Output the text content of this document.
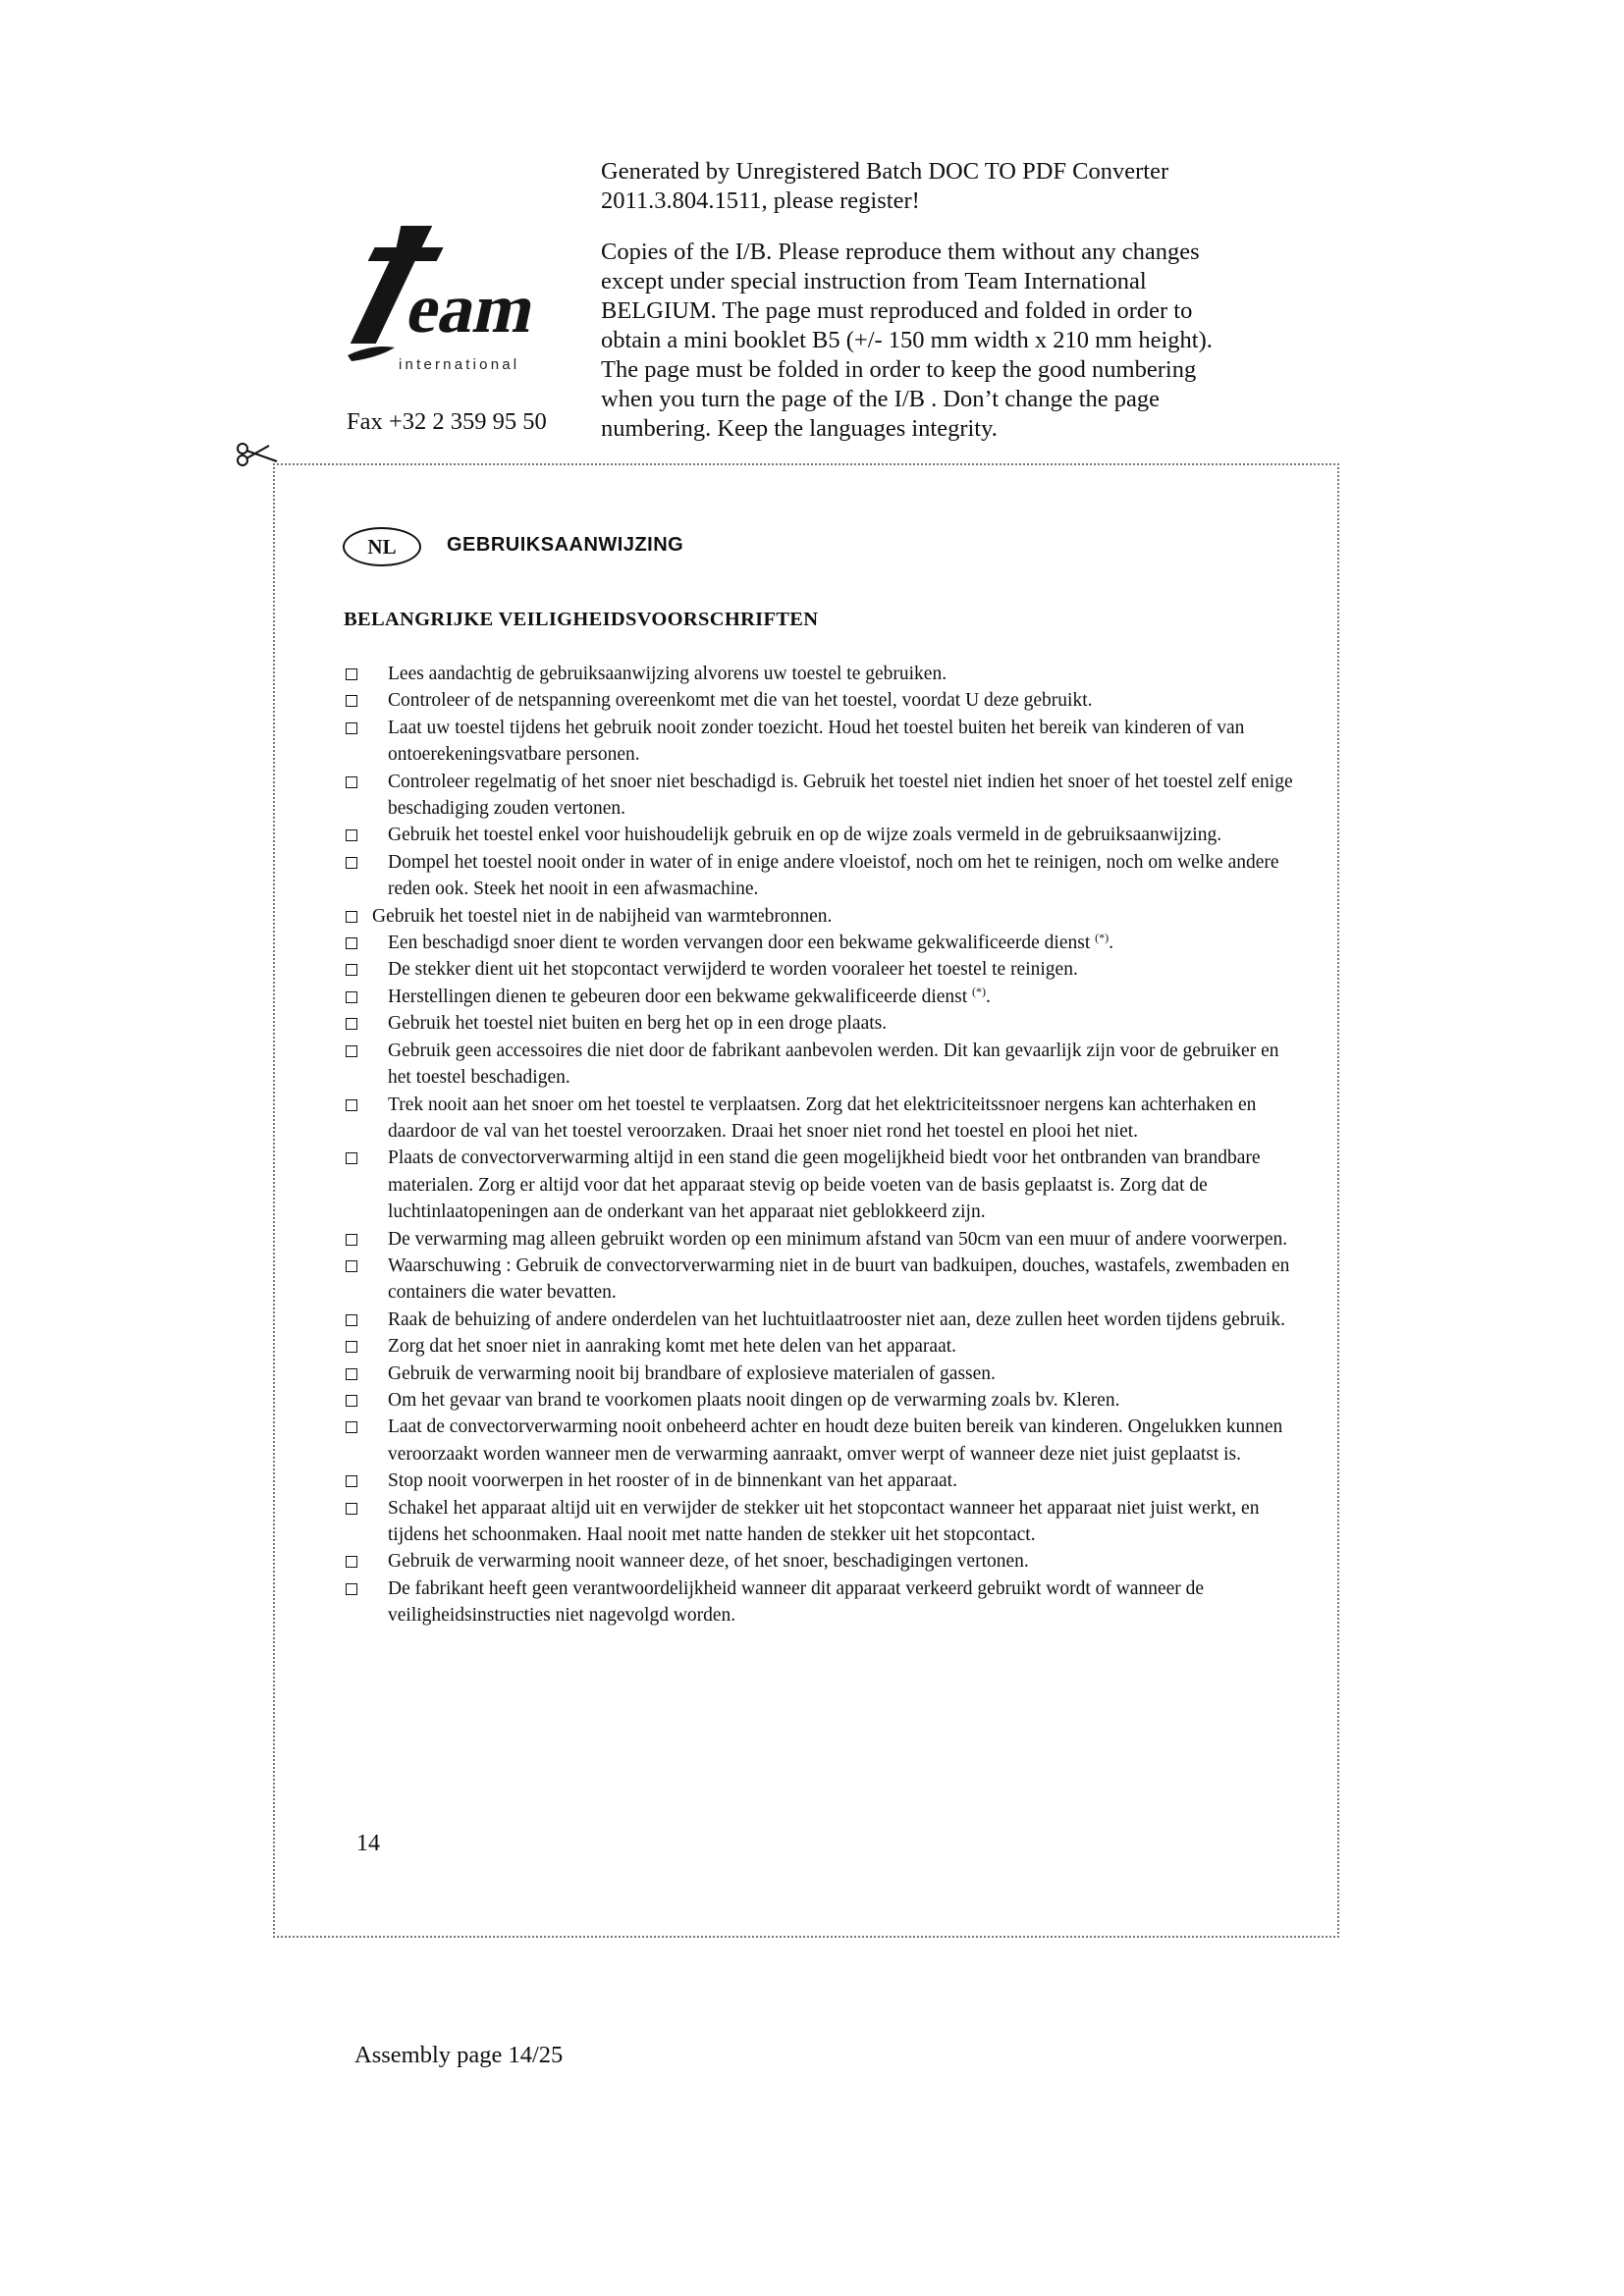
Generated by Unregistered Batch DOC TO PDF Converter
2011.3.804.1511, please register!
Copies of the I/B. Please reproduce them without any changes
except under special instruction from Team International
BELGIUM. The page must reproduced and folded in order to
obtain a mini booklet B5 (+/- 150 mm width x 210 mm height).
The page must be folded in order to keep the good numbering
when you turn the page of the I/B . Don’t change the page
numbering. Keep the languages integrity.
eam
international
Fax +32 2 359 95 50
NL	GEBRUIKSAANWIJZING
BELANGRIJKE VEILIGHEIDSVOORSCHRIFTEN
Lees aandachtig de gebruiksaanwijzing alvorens uw toestel te gebruiken.
Controleer of de netspanning overeenkomt met die van het toestel, voordat U deze gebruikt.
Laat uw toestel tijdens het gebruik nooit zonder toezicht. Houd het toestel buiten het bereik van kinderen of van ontoerekeningsvatbare personen.
Controleer regelmatig of het snoer niet beschadigd is. Gebruik het toestel niet indien het snoer of het toestel zelf enige beschadiging zouden vertonen.
Gebruik het toestel enkel voor huishoudelijk gebruik en op de wijze zoals vermeld in de gebruiksaanwijzing.
Dompel het toestel nooit onder in water of in enige andere vloeistof, noch om het te reinigen, noch om welke andere reden ook. Steek het nooit in een afwasmachine.
Gebruik het toestel niet in de nabijheid van warmtebronnen.
Een beschadigd snoer dient te worden vervangen door een bekwame gekwalificeerde dienst (*).
De stekker dient uit het stopcontact verwijderd te worden vooraleer het toestel te reinigen.
Herstellingen dienen te gebeuren door een bekwame gekwalificeerde dienst (*).
Gebruik het toestel niet buiten en berg het op in een droge plaats.
Gebruik geen accessoires die niet door de fabrikant aanbevolen werden. Dit kan gevaarlijk zijn voor de gebruiker en het toestel beschadigen.
Trek nooit aan het snoer om het toestel te verplaatsen. Zorg dat het elektriciteitssnoer nergens kan achterhaken en daardoor de val van het toestel veroorzaken. Draai het snoer niet rond het toestel en plooi het niet.
Plaats de convectorverwarming altijd in een stand die geen mogelijkheid biedt voor het ontbranden van brandbare materialen. Zorg er altijd voor dat het apparaat stevig op beide voeten van de basis geplaatst is. Zorg dat de luchtinlaatopeningen aan de onderkant van het apparaat niet geblokkeerd zijn.
De verwarming mag alleen gebruikt worden op een minimum afstand van 50cm van een muur of andere voorwerpen.
Waarschuwing : Gebruik de convectorverwarming niet in de buurt van badkuipen, douches, wastafels, zwembaden en containers die water bevatten.
Raak de behuizing of andere onderdelen van het luchtuitlaatrooster niet aan, deze zullen heet worden tijdens gebruik.
Zorg dat het snoer niet in aanraking komt met hete delen van het apparaat.
Gebruik de verwarming nooit bij brandbare of explosieve materialen of gassen.
Om het gevaar van brand te voorkomen plaats nooit dingen op de verwarming zoals bv. Kleren.
Laat de convectorverwarming nooit onbeheerd achter en houdt deze buiten bereik van kinderen. Ongelukken kunnen veroorzaakt worden wanneer men de verwarming aanraakt, omver werpt of wanneer deze niet juist geplaatst is.
Stop nooit voorwerpen in het rooster of in de binnenkant van het apparaat.
Schakel het apparaat altijd uit en verwijder de stekker uit het stopcontact wanneer het apparaat niet juist werkt, en tijdens het schoonmaken. Haal nooit met natte handen de stekker uit het stopcontact.
Gebruik de verwarming nooit wanneer deze, of het snoer, beschadigingen vertonen.
De fabrikant heeft geen verantwoordelijkheid wanneer dit apparaat verkeerd gebruikt wordt of wanneer de veiligheidsinstructies niet nagevolgd worden.
14
Assembly page 14/25
